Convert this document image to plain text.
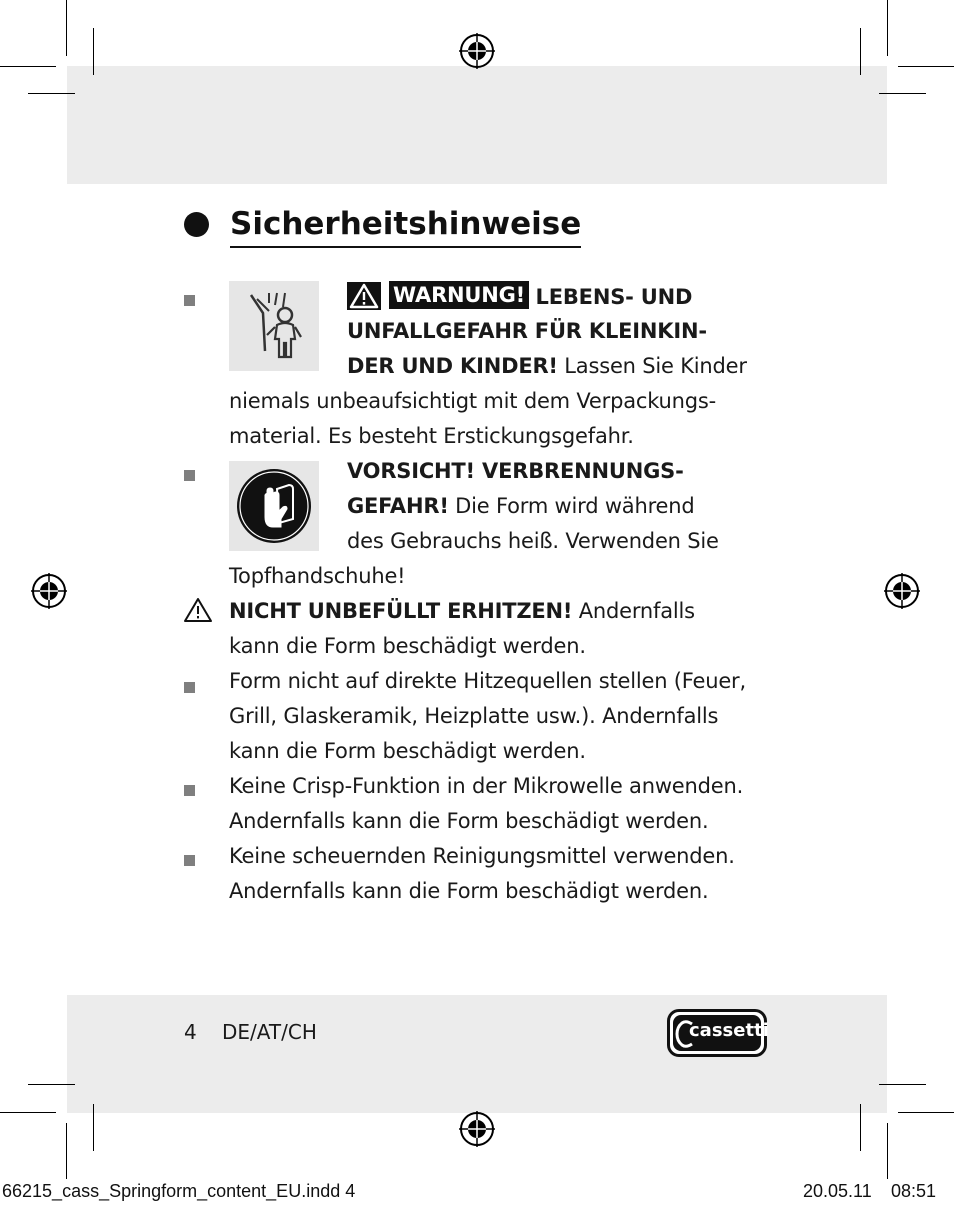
Sicherheitshinweise
WARNUNG! LEBENS- UND
UNFALLGEFAHR FÜR KLEINKIN-
DER UND KINDER! Lassen Sie Kinder
niemals unbeaufsichtigt mit dem Verpackungs-
material. Es besteht Erstickungsgefahr.
VORSICHT! VERBRENNUNGS-
GEFAHR! Die Form wird während
des Gebrauchs heiß. Verwenden Sie
Topfhandschuhe!
NICHT UNBEFÜLLT ERHITZEN! Andernfalls
kann die Form beschädigt werden.
Form nicht auf direkte Hitzequellen stellen (Feuer,
Grill, Glaskeramik, Heizplatte usw.). Andernfalls
kann die Form beschädigt werden.
Keine Crisp-Funktion in der Mikrowelle anwenden.
Andernfalls kann die Form beschädigt werden.
Keine scheuernden Reinigungsmittel verwenden.
Andernfalls kann die Form beschädigt werden.
4 DE/AT/CH	cassetti
66215_cass_Springform_content_EU.indd 4	20.05.11 08:51
